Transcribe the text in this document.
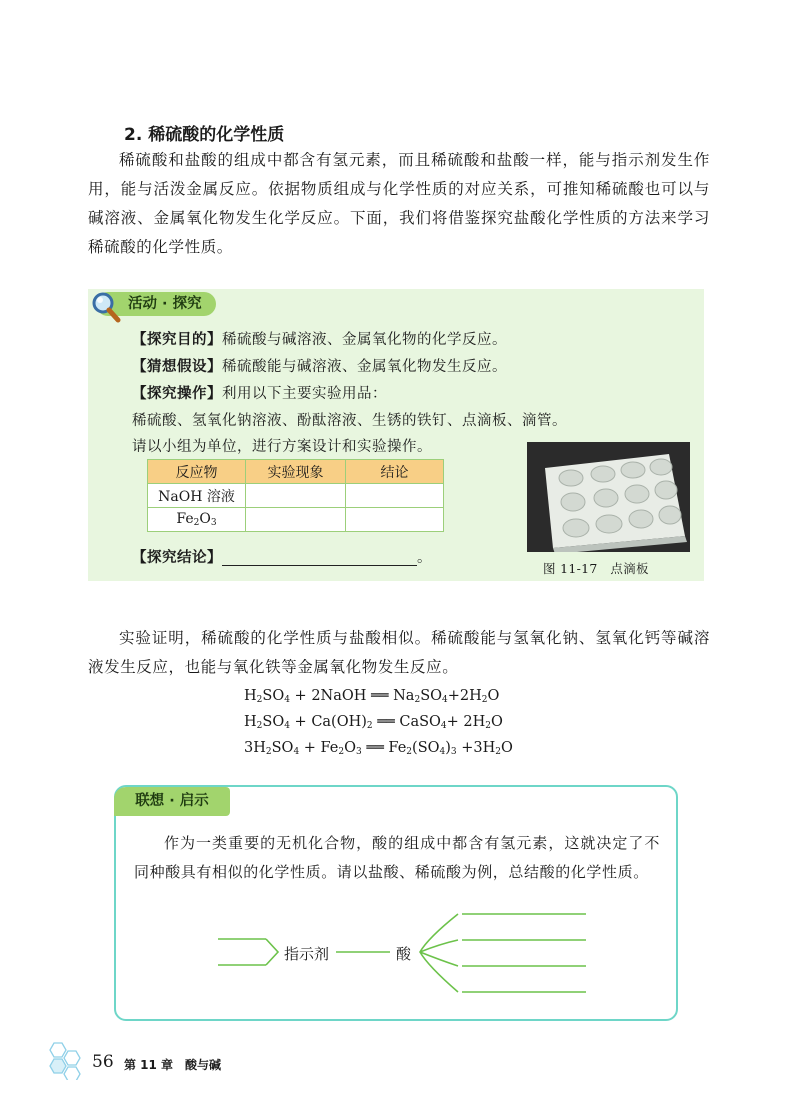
2. 稀硫酸的化学性质
稀硫酸和盐酸的组成中都含有氢元素，而且稀硫酸和盐酸一样，能与指示剂发生作用，能与活泼金属反应。依据物质组成与化学性质的对应关系，可推知稀硫酸也可以与碱溶液、金属氧化物发生化学反应。下面，我们将借鉴探究盐酸化学性质的方法来学习稀硫酸的化学性质。
活动 · 探究
【探究目的】稀硫酸与碱溶液、金属氧化物的化学反应。
【猜想假设】稀硫酸能与碱溶液、金属氧化物发生反应。
【探究操作】利用以下主要实验用品：
稀硫酸、氢氧化钠溶液、酚酞溶液、生锈的铁钉、点滴板、滴管。
请以小组为单位，进行方案设计和实验操作。
反应物	实验现象	结论
NaOH 溶液		
$Fe_2O_3$		
【探究结论】	。
图 11-17　点滴板
实验证明，稀硫酸的化学性质与盐酸相似。稀硫酸能与氢氧化钠、氢氧化钙等碱溶液发生反应，也能与氧化铁等金属氧化物发生反应。
$H_2SO_4$ + 2NaOH ══ $Na_2SO_4+2H_2O$
$H_2SO_4 + Ca(OH)_2$ ══ CaSO$_4$+ $2H_2O$
$3H_2SO_4 + Fe_2O_3$ ══ $Fe_2(SO_4)_3 +3H_2O$
联想 · 启示
作为一类重要的无机化合物，酸的组成中都含有氢元素，这就决定了不同种酸具有相似的化学性质。请以盐酸、稀硫酸为例，总结酸的化学性质。
指示剂	酸
56 第 11 章　酸与碱
